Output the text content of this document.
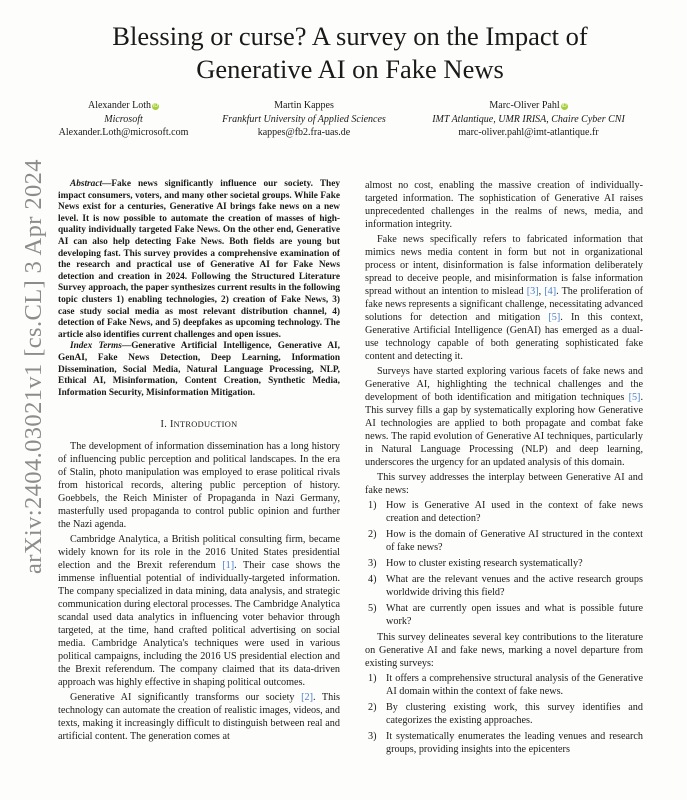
arXiv:2404.03021v1 [cs.CL] 3 Apr 2024
Blessing or curse? A survey on the Impact of Generative AI on Fake News
Alexander Loth iD
Microsoft
Alexander.Loth@microsoft.com
Martin Kappes
Frankfurt University of Applied Sciences
kappes@fb2.fra-uas.de
Marc-Oliver Pahl iD
IMT Atlantique, UMR IRISA, Chaire Cyber CNI
marc-oliver.pahl@imt-atlantique.fr

Abstract—Fake news significantly influence our society. They impact consumers, voters, and many other societal groups. While Fake News exist for a centuries, Generative AI brings fake news on a new level. It is now possible to automate the creation of masses of high-quality individually targeted Fake News. On the other end, Generative AI can also help detecting Fake News. Both fields are young but developing fast. This survey provides a comprehensive examination of the research and practical use of Generative AI for Fake News detection and creation in 2024. Following the Structured Literature Survey approach, the paper synthesizes current results in the following topic clusters 1) enabling technologies, 2) creation of Fake News, 3) case study social media as most relevant distribution channel, 4) detection of Fake News, and 5) deepfakes as upcoming technology. The article also identifies current challenges and open issues.

Index Terms—Generative Artificial Intelligence, Generative AI, GenAI, Fake News Detection, Deep Learning, Information Dissemination, Social Media, Natural Language Processing, NLP, Ethical AI, Misinformation, Content Creation, Synthetic Media, Information Security, Misinformation Mitigation.

I. INTRODUCTION

The development of information dissemination has a long history of influencing public perception and political landscapes. In the era of Stalin, photo manipulation was employed to erase political rivals from historical records, altering public perception of history. Goebbels, the Reich Minister of Propaganda in Nazi Germany, masterfully used propaganda to control public opinion and further the Nazi agenda.

Cambridge Analytica, a British political consulting firm, became widely known for its role in the 2016 United States presidential election and the Brexit referendum [1]. Their case shows the immense influential potential of individually-targeted information. The company specialized in data mining, data analysis, and strategic communication during electoral processes. The Cambridge Analytica scandal used data analytics in influencing voter behavior through targeted, at the time, hand crafted political advertising on social media. Cambridge Analytica's techniques were used in various political campaigns, including the 2016 US presidential election and the Brexit referendum. The company claimed that its data-driven approach was highly effective in shaping political outcomes.

Generative AI significantly transforms our society [2]. This technology can automate the creation of realistic images, videos, and texts, making it increasingly difficult to distinguish between real and artificial content. The generation comes at

almost no cost, enabling the massive creation of individually-targeted information. The sophistication of Generative AI raises unprecedented challenges in the realms of news, media, and information integrity.

Fake news specifically refers to fabricated information that mimics news media content in form but not in organizational process or intent, disinformation is false information deliberately spread to deceive people, and misinformation is false information spread without an intention to mislead [3], [4]. The proliferation of fake news represents a significant challenge, necessitating advanced solutions for detection and mitigation [5]. In this context, Generative Artificial Intelligence (GenAI) has emerged as a dual-use technology capable of both generating sophisticated fake content and detecting it.

Surveys have started exploring various facets of fake news and Generative AI, highlighting the technical challenges and the development of both identification and mitigation techniques [5]. This survey fills a gap by systematically exploring how Generative AI technologies are applied to both propagate and combat fake news. The rapid evolution of Generative AI techniques, particularly in Natural Language Processing (NLP) and deep learning, underscores the urgency for an updated analysis of this domain.

This survey addresses the interplay between Generative AI and fake news:

1) How is Generative AI used in the context of fake news creation and detection?
2) How is the domain of Generative AI structured in the context of fake news?
3) How to cluster existing research systematically?
4) What are the relevant venues and the active research groups worldwide driving this field?
5) What are currently open issues and what is possible future work?

This survey delineates several key contributions to the literature on Generative AI and fake news, marking a novel departure from existing surveys:

1) It offers a comprehensive structural analysis of the Generative AI domain within the context of fake news.
2) By clustering existing work, this survey identifies and categorizes the existing approaches.
3) It systematically enumerates the leading venues and research groups, providing insights into the epicenters
